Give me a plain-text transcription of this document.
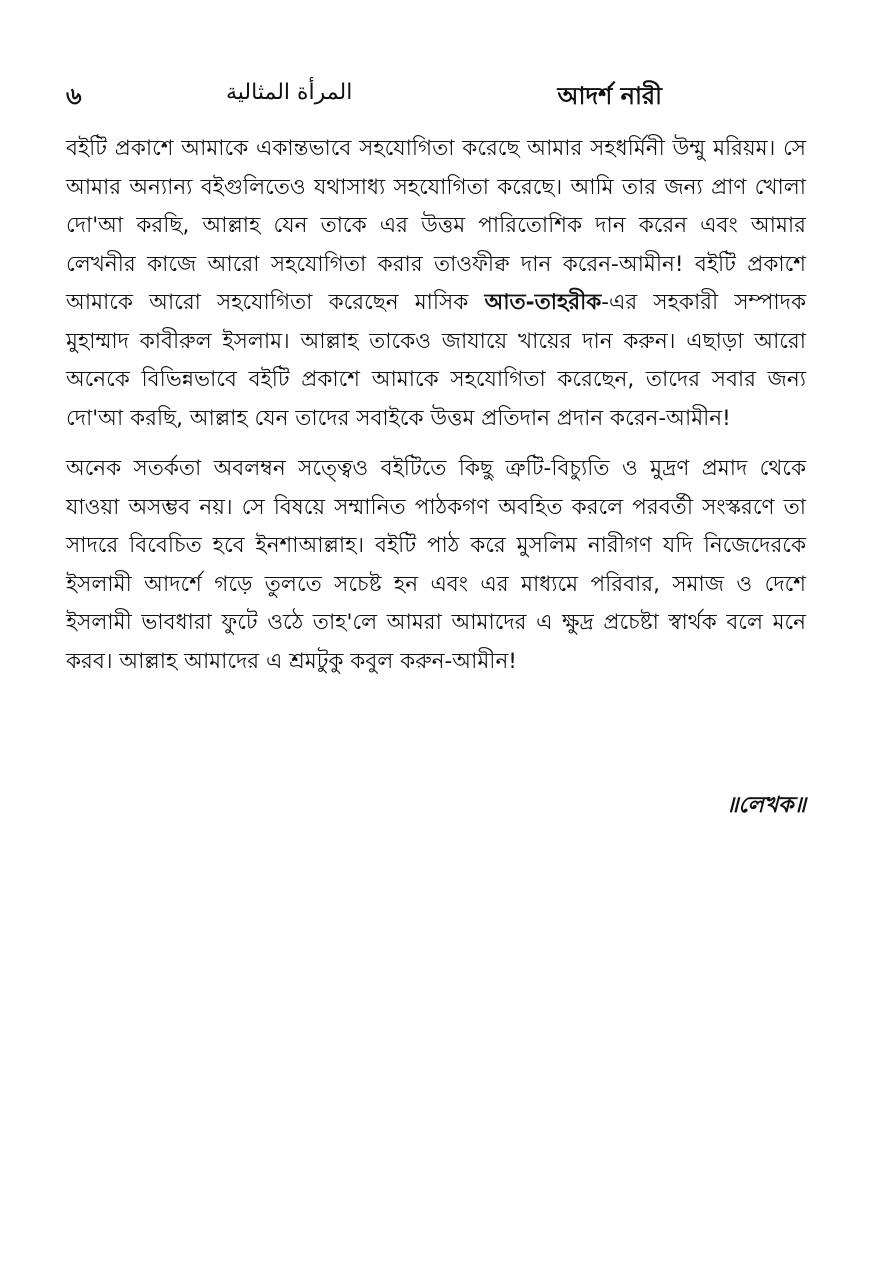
৬	المرأة المثالية	আদর্শ নারী

বইটি প্রকাশে আমাকে একান্তভাবে সহযোগিতা করেছে আমার সহধর্মিনী উম্মু মরিয়ম। সে আমার অন্যান্য বইগুলিতেও যথাসাধ্য সহযোগিতা করেছে। আমি তার জন্য প্রাণ খোলা দো'আ করছি, আল্লাহ যেন তাকে এর উত্তম পারিতোশিক দান করেন এবং আমার লেখনীর কাজে আরো সহযোগিতা করার তাওফীক্ব দান করেন-আমীন! বইটি প্রকাশে আমাকে আরো সহযোগিতা করেছেন মাসিক আত-তাহরীক-এর সহকারী সম্পাদক মুহাম্মাদ কাবীরুল ইসলাম। আল্লাহ তাকেও জাযায়ে খায়ের দান করুন। এছাড়া আরো অনেকে বিভিন্নভাবে বইটি প্রকাশে আমাকে সহযোগিতা করেছেন, তাদের সবার জন্য দো'আ করছি, আল্লাহ যেন তাদের সবাইকে উত্তম প্রতিদান প্রদান করেন-আমীন!

অনেক সতর্কতা অবলম্বন সত্ত্বেও বইটিতে কিছু ত্রুটি-বিচ্যুতি ও মুদ্রণ প্রমাদ থেকে যাওয়া অসম্ভব নয়। সে বিষয়ে সম্মানিত পাঠকগণ অবহিত করলে পরবর্তী সংস্করণে তা সাদরে বিবেচিত হবে ইনশাআল্লাহ। বইটি পাঠ করে মুসলিম নারীগণ যদি নিজেদেরকে ইসলামী আদর্শে গড়ে তুলতে সচেষ্ট হন এবং এর মাধ্যমে পরিবার, সমাজ ও দেশে ইসলামী ভাবধারা ফুটে ওঠে তাহ'লে আমরা আমাদের এ ক্ষুদ্র প্রচেষ্টা স্বার্থক বলে মনে করব। আল্লাহ আমাদের এ শ্রমটুকু কবুল করুন-আমীন!

॥লেখক॥
